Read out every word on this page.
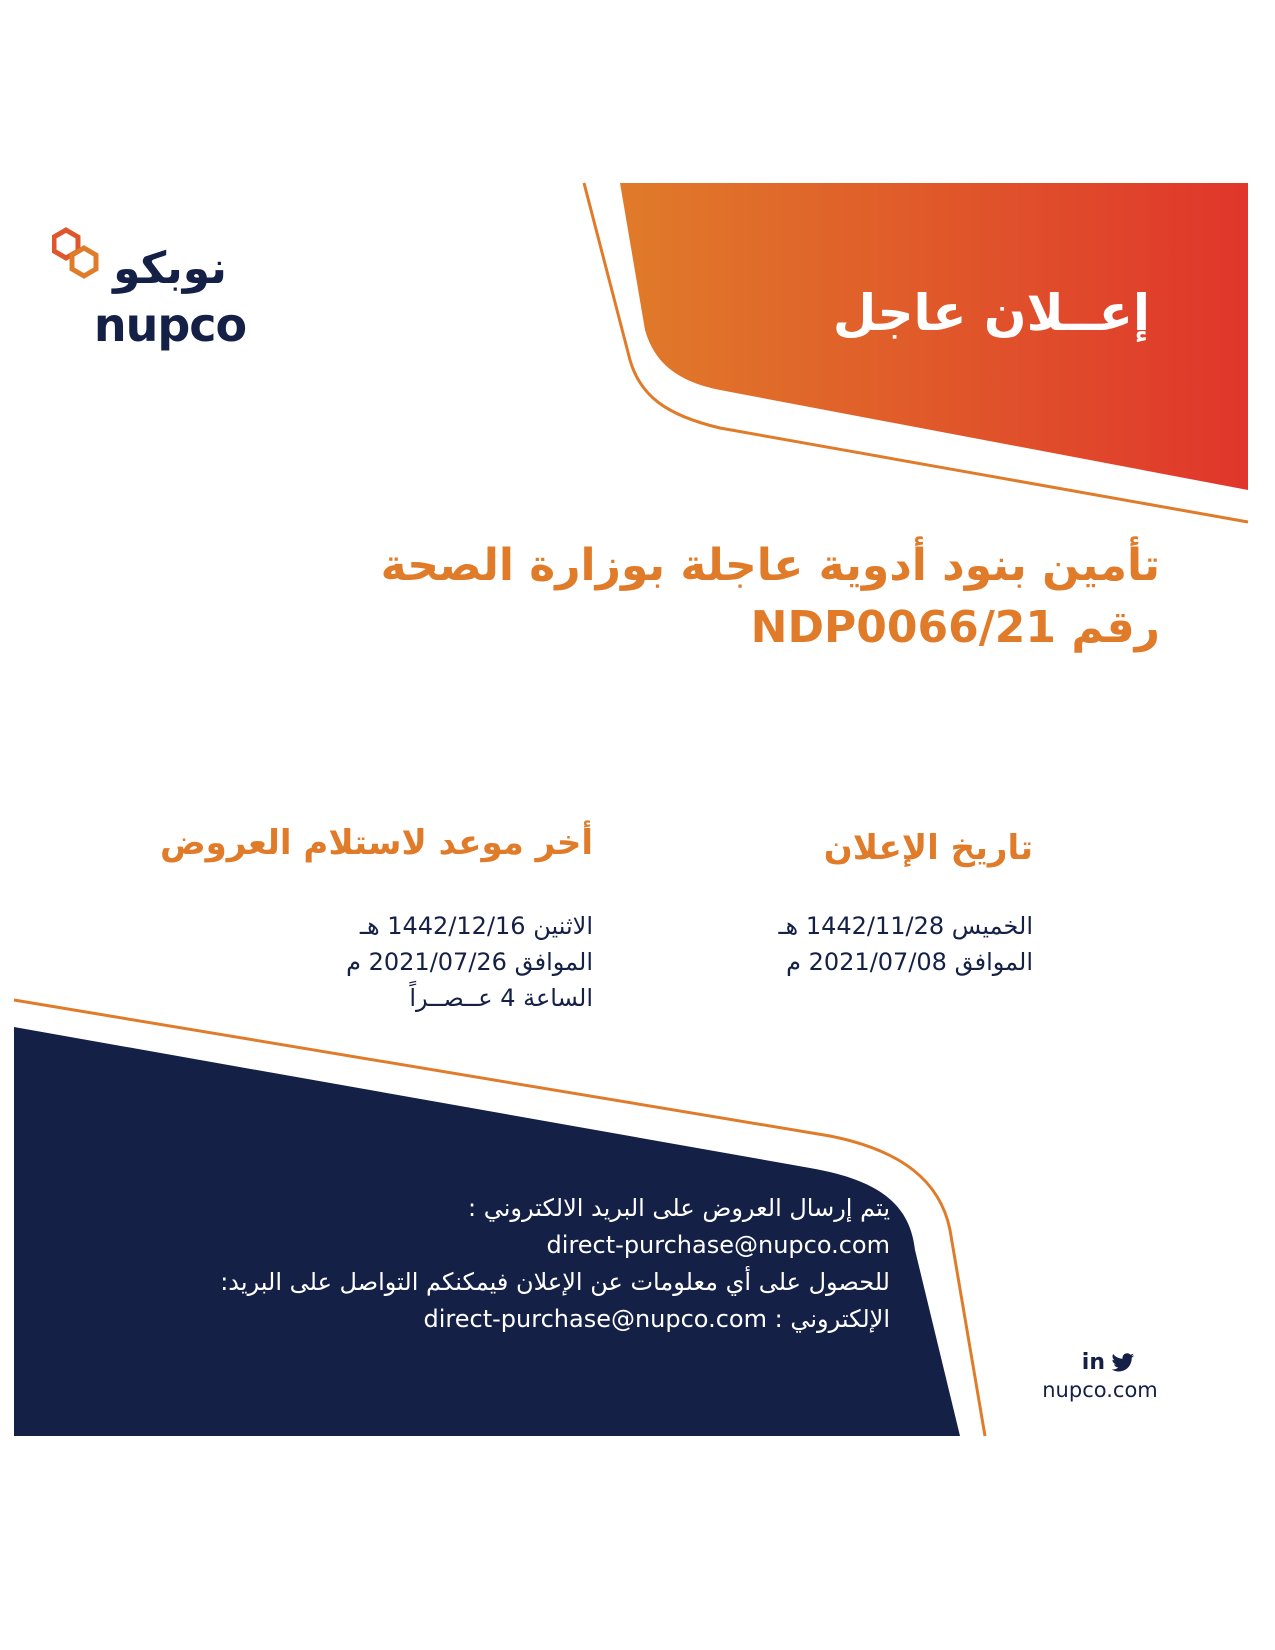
نوبكو
nupco	إعــلان عاجل
تأمين بنود أدوية عاجلة بوزارة الصحة
رقم NDP0066/21
تاريخ الإعلان
الخميس 1442/11/28 هـ
الموافق 2021/07/08 م
أخر موعد لاستلام العروض
الاثنين 1442/12/16 هـ
الموافق 2021/07/26 م
الساعة 4 عــصــراً
يتم إرسال العروض على البريد الالكتروني :
direct-purchase@nupco.com
للحصول على أي معلومات عن الإعلان فيمكنكم التواصل على البريد:
الإلكتروني : direct-purchase@nupco.com
in
nupco.com
